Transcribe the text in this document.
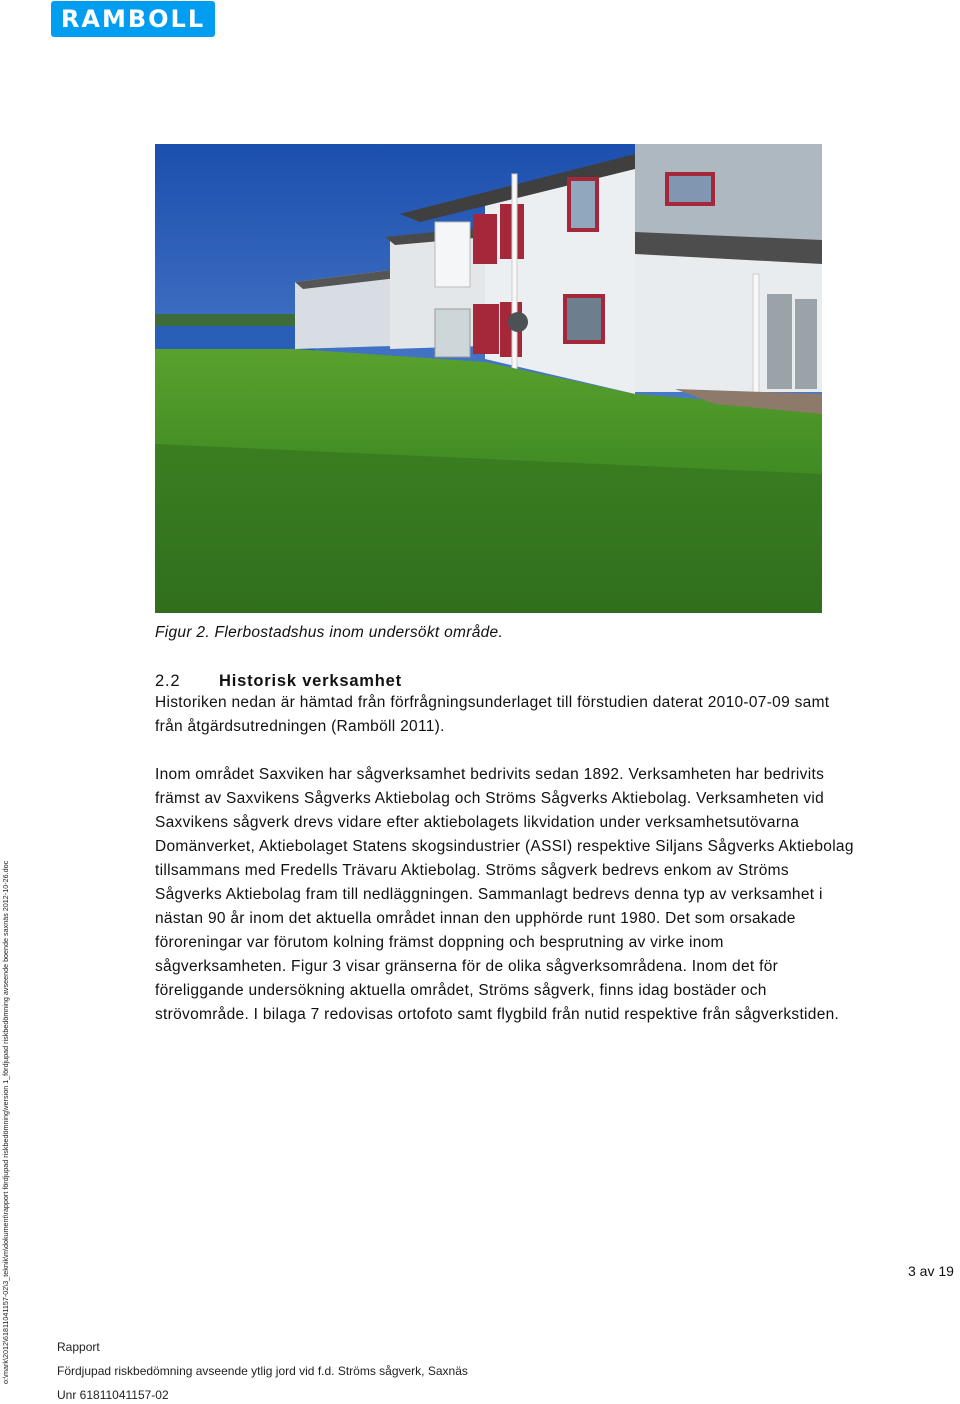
RAMBOLL
o:\mark\2012\61811041157-02\3_teknik\m\dokument\rapport fördjupad riskbedömning\version 1_fördjupad riskbedömning avseende boende saxnäs 2012-10-26.doc
Figur 2. Flerbostadshus inom undersökt område.
2.2 Historisk verksamhet

Historiken nedan är hämtad från förfrågningsunderlaget till förstudien daterat 2010-07-09 samt från åtgärdsutredningen (Ramböll 2011).

Inom området Saxviken har sågverksamhet bedrivits sedan 1892. Verksamheten har bedrivits främst av Saxvikens Sågverks Aktiebolag och Ströms Sågverks Aktiebolag. Verksamheten vid Saxvikens sågverk drevs vidare efter aktiebolagets likvidation under verksamhetsutövarna Domänverket, Aktiebolaget Statens skogsindustrier (ASSI) respektive Siljans Sågverks Aktiebolag tillsammans med Fredells Trävaru Aktiebolag. Ströms sågverk bedrevs enkom av Ströms Sågverks Aktiebolag fram till nedläggningen. Sammanlagt bedrevs denna typ av verksamhet i nästan 90 år inom det aktuella området innan den upphörde runt 1980. Det som orsakade föroreningar var förutom kolning främst doppning och besprutning av virke inom sågverksamheten. Figur 3 visar gränserna för de olika sågverksområdena. Inom det för föreliggande undersökning aktuella området, Ströms sågverk, finns idag bostäder och strövområde. I bilaga 7 redovisas ortofoto samt flygbild från nutid respektive från sågverkstiden.

3 av 19
Rapport
Fördjupad riskbedömning avseende ytlig jord vid f.d. Ströms sågverk, Saxnäs
Unr 61811041157-02
